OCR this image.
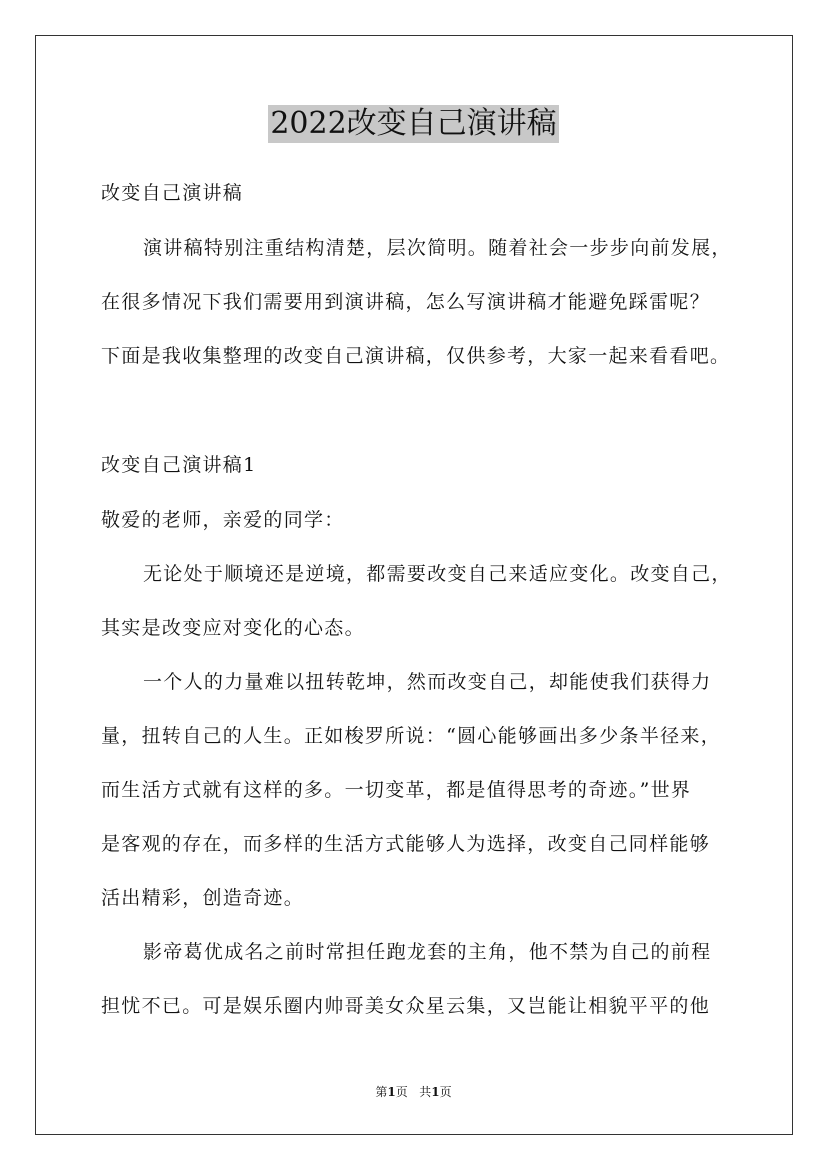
2022改变自己演讲稿
改变自己演讲稿
演讲稿特别注重结构清楚，层次简明。随着社会一步步向前发展，
在很多情况下我们需要用到演讲稿，怎么写演讲稿才能避免踩雷呢？
下面是我收集整理的改变自己演讲稿，仅供参考，大家一起来看看吧。
改变自己演讲稿1
敬爱的老师，亲爱的同学：
无论处于顺境还是逆境，都需要改变自己来适应变化。改变自己，
其实是改变应对变化的心态。
一个人的力量难以扭转乾坤，然而改变自己，却能使我们获得力
量，扭转自己的人生。正如梭罗所说：“圆心能够画出多少条半径来，
而生活方式就有这样的多。一切变革，都是值得思考的奇迹。”世界
是客观的存在，而多样的生活方式能够人为选择，改变自己同样能够
活出精彩，创造奇迹。
影帝葛优成名之前时常担任跑龙套的主角，他不禁为自己的前程
担忧不已。可是娱乐圈内帅哥美女众星云集，又岂能让相貌平平的他
第1页 共1页
